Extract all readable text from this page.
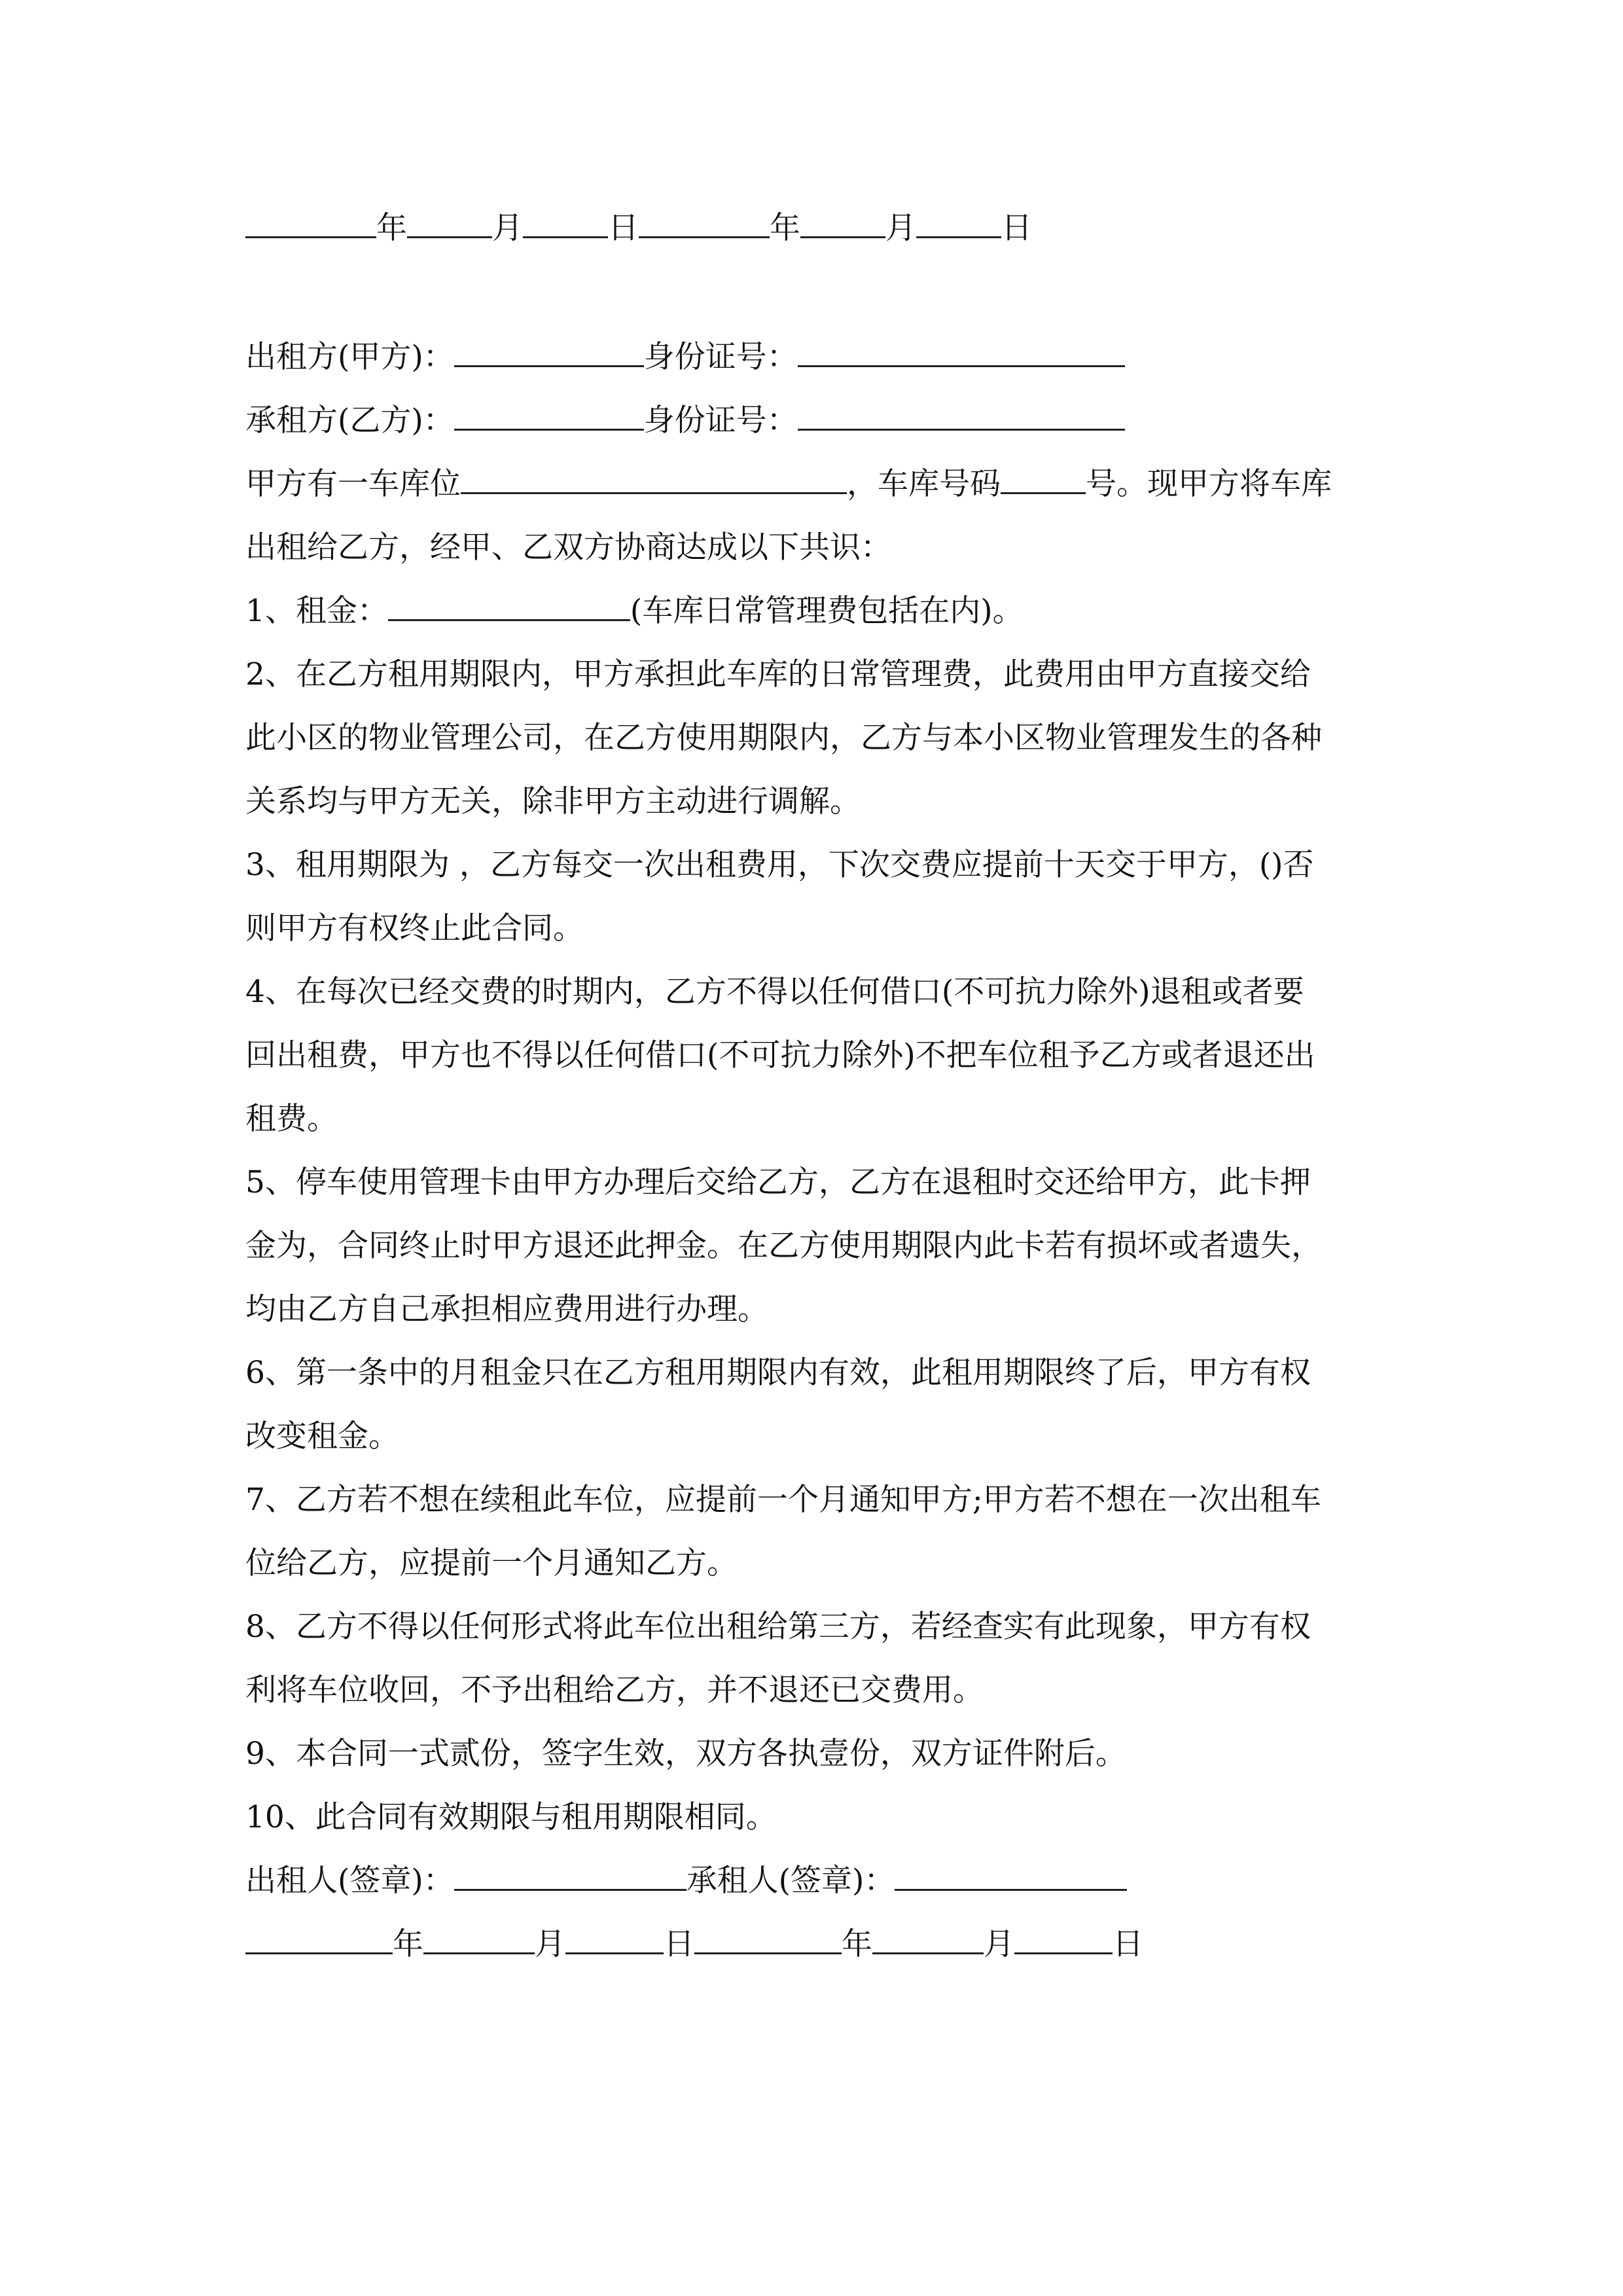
年	月	日	年	月	日
出租方(甲方)：	身份证号：
承租方(乙方)：	身份证号：
甲方有一车库位	，车库号码	号。现甲方将车库
出租给乙方，经甲、乙双方协商达成以下共识：
1、租金：	(车库日常管理费包括在内)。
2、在乙方租用期限内，甲方承担此车库的日常管理费，此费用由甲方直接交给
此小区的物业管理公司，在乙方使用期限内，乙方与本小区物业管理发生的各种
关系均与甲方无关，除非甲方主动进行调解。
3、租用期限为 ，乙方每交一次出租费用，下次交费应提前十天交于甲方，()否
则甲方有权终止此合同。
4、在每次已经交费的时期内，乙方不得以任何借口(不可抗力除外)退租或者要
回出租费，甲方也不得以任何借口(不可抗力除外)不把车位租予乙方或者退还出
租费。
5、停车使用管理卡由甲方办理后交给乙方，乙方在退租时交还给甲方，此卡押
金为，合同终止时甲方退还此押金。在乙方使用期限内此卡若有损坏或者遗失，
均由乙方自己承担相应费用进行办理。
6、第一条中的月租金只在乙方租用期限内有效，此租用期限终了后，甲方有权
改变租金。
7、乙方若不想在续租此车位，应提前一个月通知甲方;甲方若不想在一次出租车
位给乙方，应提前一个月通知乙方。
8、乙方不得以任何形式将此车位出租给第三方，若经查实有此现象，甲方有权
利将车位收回，不予出租给乙方，并不退还已交费用。
9、本合同一式贰份，签字生效，双方各执壹份，双方证件附后。
10、此合同有效期限与租用期限相同。
出租人(签章)：	承租人(签章)：
年	月	日	年	月	日
